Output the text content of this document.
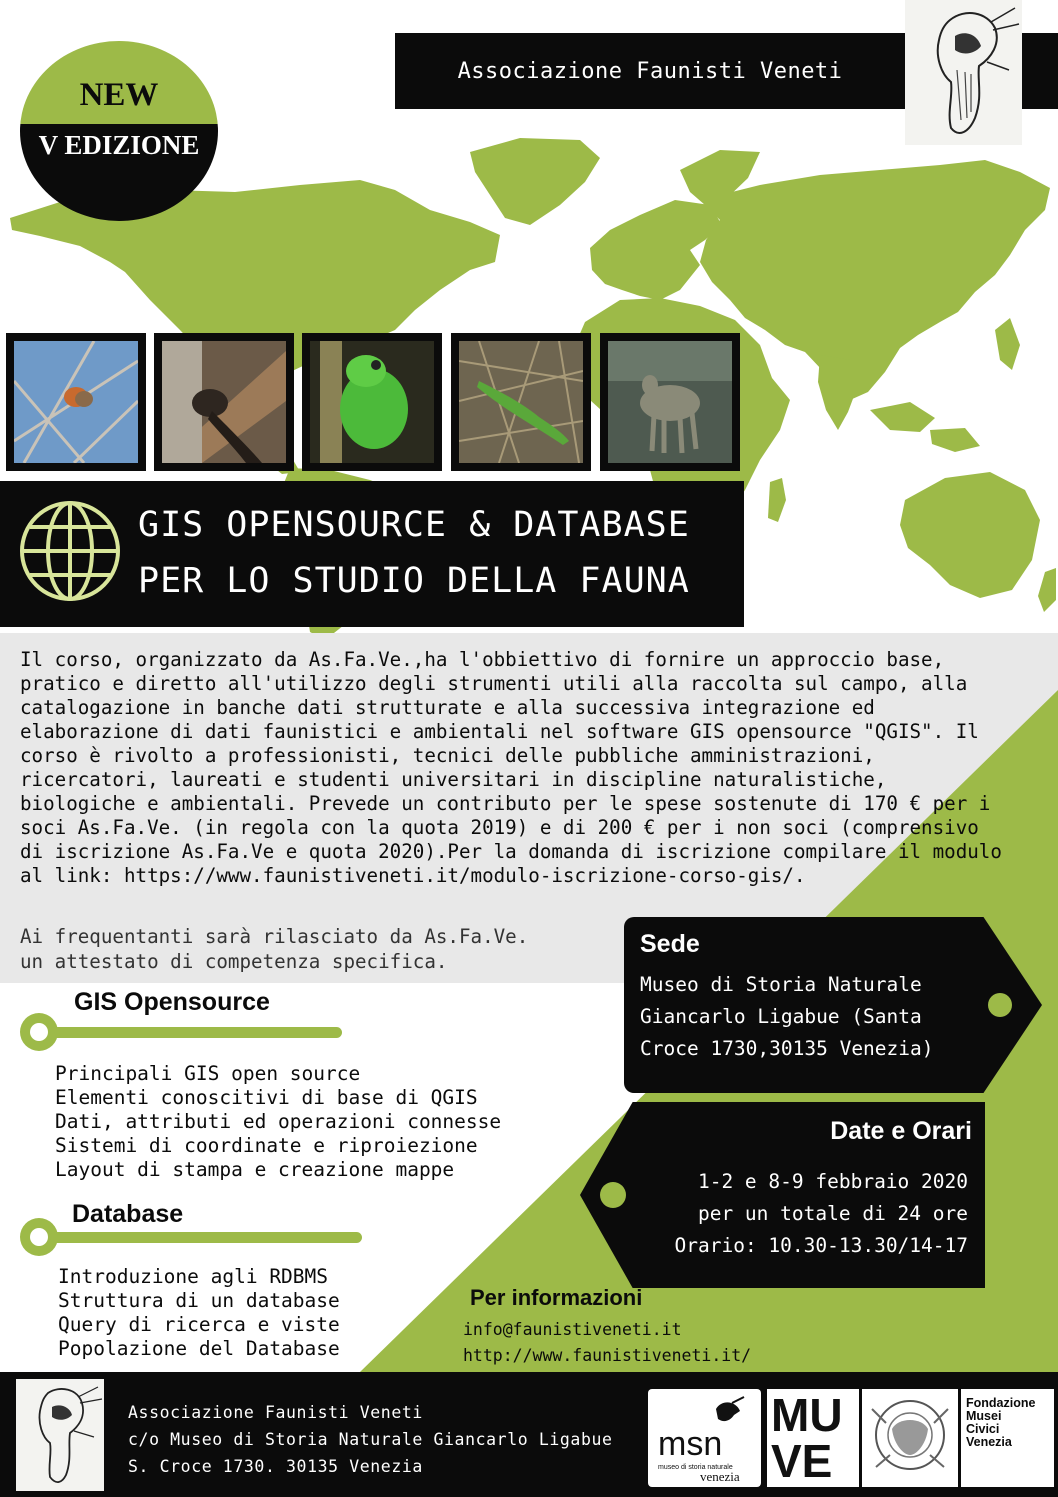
Associazione Faunisti Veneti
NEW
V EDIZIONE
GIS OPENSOURCE & DATABASE
PER LO STUDIO DELLA FAUNA
Il corso, organizzato da As.Fa.Ve.,ha l'obbiettivo di fornire un approccio base, pratico e diretto all'utilizzo degli strumenti utili alla raccolta sul campo, alla catalogazione in banche dati strutturate e alla successiva integrazione ed elaborazione di dati faunistici e ambientali nel software GIS opensource "QGIS". Il corso è rivolto a professionisti, tecnici delle pubbliche amministrazioni, ricercatori, laureati e studenti universitari in discipline naturalistiche, biologiche e ambientali. Prevede un contributo per le spese sostenute di 170 € per i soci As.Fa.Ve. (in regola con la quota 2019) e di 200 € per i non soci (comprensivo di iscrizione As.Fa.Ve e quota 2020).Per la domanda di iscrizione compilare il modulo al link: https://www.faunistiveneti.it/modulo-iscrizione-corso-gis/.
Ai frequentanti sarà rilasciato da As.Fa.Ve.
un attestato di competenza specifica.
Sede
Museo di Storia Naturale
Giancarlo Ligabue (Santa
Croce 1730,30135 Venezia)
Date e Orari
1-2 e 8-9 febbraio 2020
per un totale di 24 ore
Orario: 10.30-13.30/14-17
GIS Opensource
Principali GIS open source
Elementi conoscitivi di base di QGIS
Dati, attributi ed operazioni connesse
Sistemi di coordinate e riproiezione
Layout di stampa e creazione mappe
Database
Introduzione agli RDBMS
Struttura di un database
Query di ricerca e viste
Popolazione del Database
Per informazioni
info@faunistiveneti.it
http://www.faunistiveneti.it/
Associazione Faunisti Veneti
c/o Museo di Storia Naturale Giancarlo Ligabue
S. Croce 1730. 30135 Venezia
msn
museo di storia naturale
venezia
MU
VE
Fondazione
Musei
Civici
Venezia
